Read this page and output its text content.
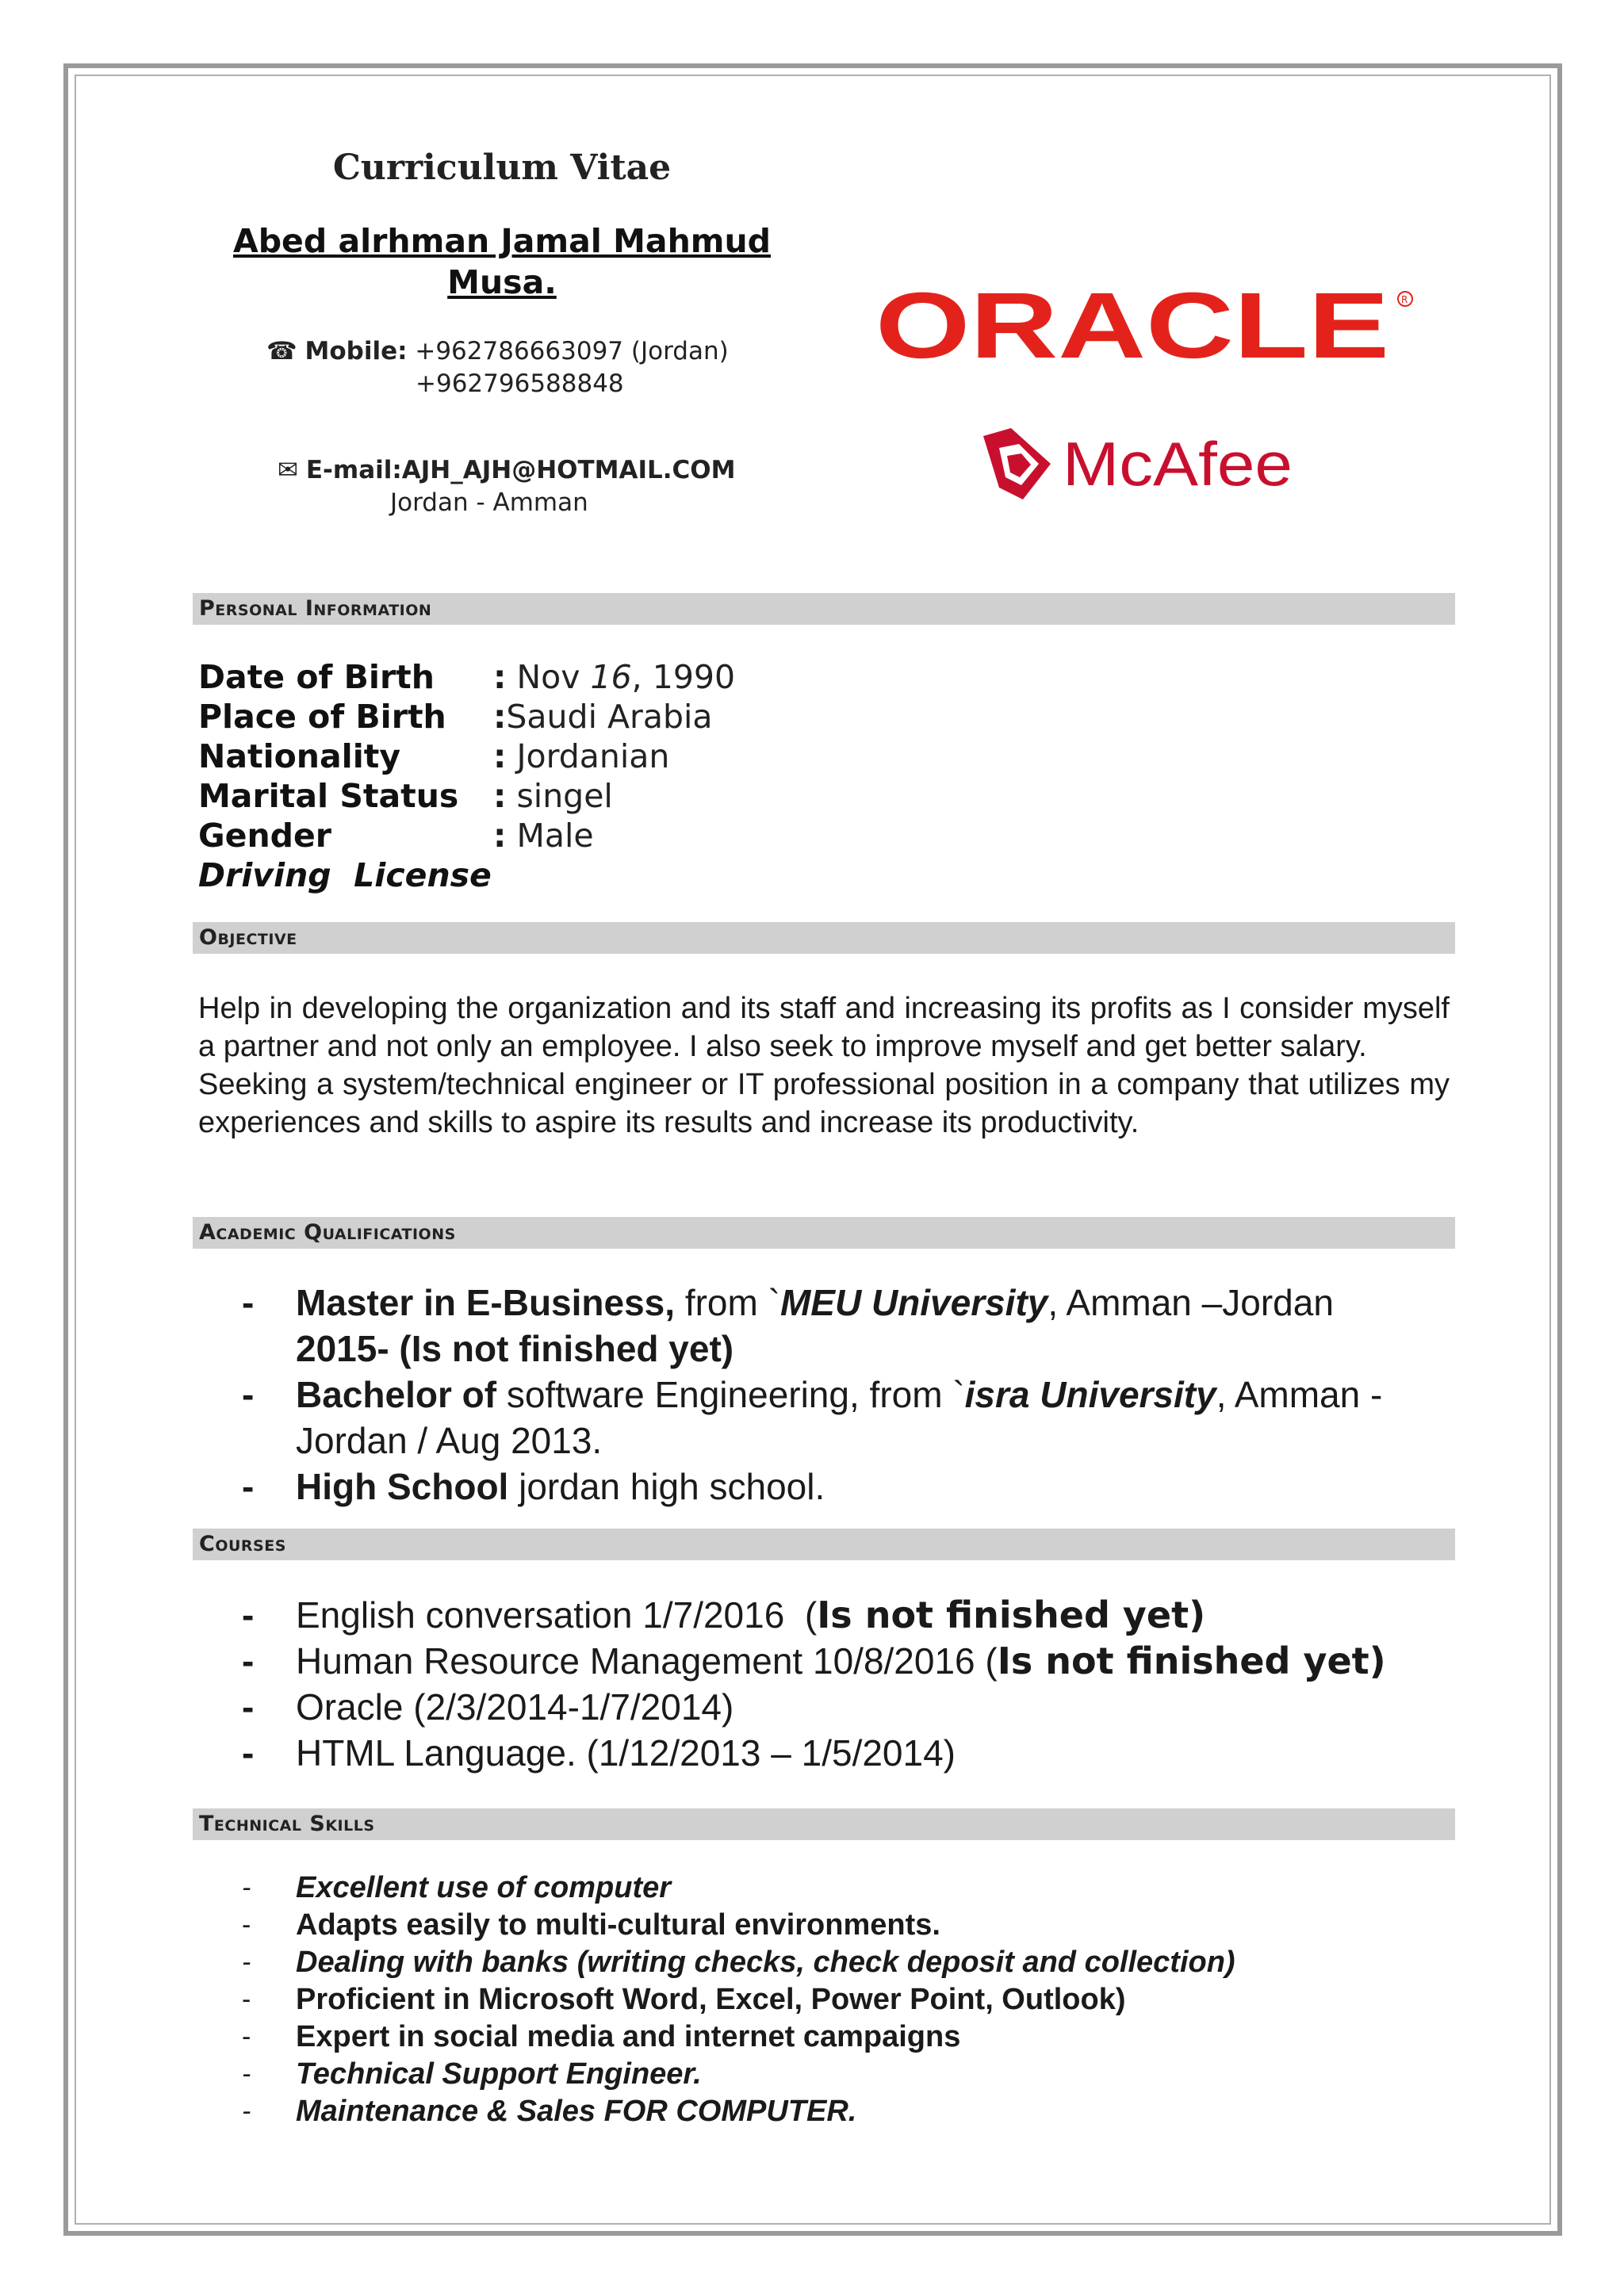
Curriculum Vitae
Abed alrhman Jamal Mahmud
Musa.
☎ Mobile: +962786663097 (Jordan)
+962796588848
✉ E-mail:AJH_AJH@HOTMAIL.COM
Jordan - Amman
ORACLE R
McAfee
Personal Information
Date of Birth : Nov 16, 1990
Place of Birth :Saudi Arabia
Nationality	: Jordanian
Marital Status : singel
Gender	: Male
Driving  License
Objective

Help in developing the organization and its staff and increasing its profits as I consider myself a partner and not only an employee. I also seek to improve myself and get better salary.

Seeking a system/technical engineer or IT professional position in a company that utilizes my experiences and skills to aspire its results and increase its productivity.

Academic Qualifications
- Master in E-Business, from `MEU University, Amman –Jordan
2015- (Is not finished yet)
- Bachelor of software Engineering, from `isra University, Amman - Jordan / Aug 2013.
- High School jordan high school.
Courses
- English conversation 1/7/2016  (Is not finished yet)
- Human Resource Management 10/8/2016 (Is not finished yet)
- Oracle (2/3/2014-1/7/2014)
- HTML Language. (1/12/2013 – 1/5/2014)
Technical Skills
- Excellent use of computer
- Adapts easily to multi-cultural environments.
- Dealing with banks (writing checks, check deposit and collection)
- Proficient in Microsoft Word, Excel, Power Point, Outlook)
- Expert in social media and internet campaigns
- Technical Support Engineer.
- Maintenance & Sales FOR COMPUTER.
